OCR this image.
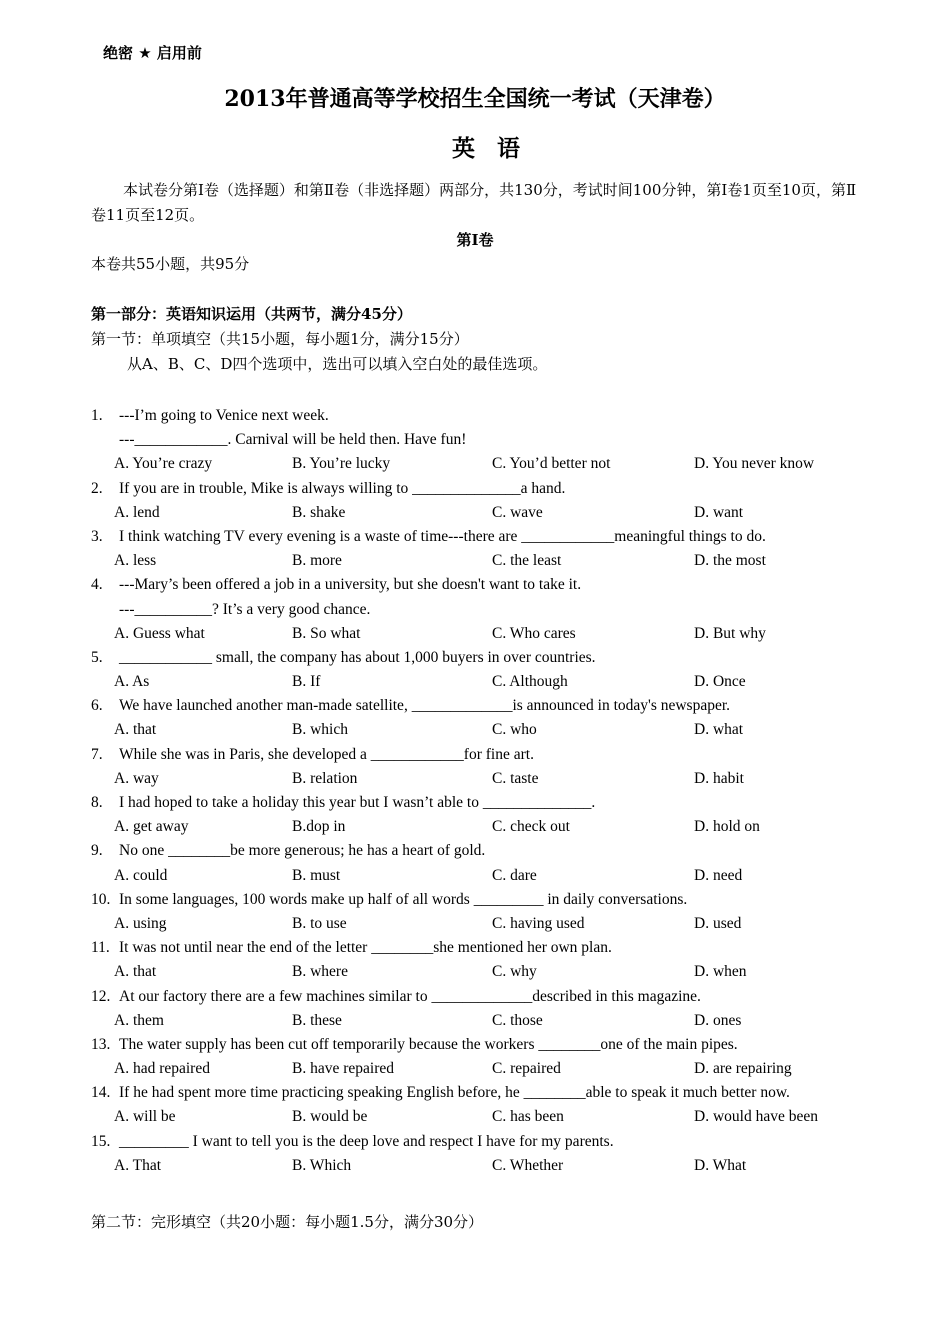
绝密 ★ 启用前
2013年普通高等学校招生全国统一考试（天津卷）
英语
本试卷分第Ⅰ卷（选择题）和第Ⅱ卷（非选择题）两部分，共130分，考试时间100分钟，第Ⅰ卷1页至10页，第Ⅱ卷11页至12页。
第Ⅰ卷
本卷共55小题，共95分
第一部分：英语知识运用（共两节，满分45分）
第一节：单项填空（共15小题，每小题1分，满分15分）
从A、B、C、D四个选项中，选出可以填入空白处的最佳选项。
1. ---I’m going to Venice next week.
---____________. Carnival will be held then. Have fun!
A. You’re crazy	B. You’re lucky	C. You’d better not	D. You never know
2. If you are in trouble, Mike is always willing to ______________a hand.
A. lend	B. shake	C. wave	D. want
3. I think watching TV every evening is a waste of time---there are ____________meaningful things to do.
A. less	B. more	C. the least	D. the most
4. ---Mary’s been offered a job in a university, but she doesn't want to take it.
---__________? It’s a very good chance.
A. Guess what	B. So what	C. Who cares	D. But why
5. ____________ small, the company has about 1,000 buyers in over countries.
A. As	B. If	C. Although	D. Once
6. We have launched another man-made satellite, _____________is announced in today's newspaper.
A. that	B. which	C. who	D. what
7. While she was in Paris, she developed a ____________for fine art.
A. way	B. relation	C. taste	D. habit
8. I had hoped to take a holiday this year but I wasn’t able to ______________.
A. get away	B.dop in	C. check out	D. hold on
9. No one ________be more generous; he has a heart of gold.
A. could	B. must	C. dare	D. need
10. In some languages, 100 words make up half of all words _________ in daily conversations.
A. using	B. to use	C. having used	D. used
11. It was not until near the end of the letter ________she mentioned her own plan.
A. that	B. where	C. why	D. when
12. At our factory there are a few machines similar to _____________described in this magazine.
A. them	B. these	C. those	D. ones
13. The water supply has been cut off temporarily because the workers ________one of the main pipes.
A. had repaired	B. have repaired	C. repaired	D. are repairing
14. If he had spent more time practicing speaking English before, he ________able to speak it much better now.
A. will be	B. would be	C. has been	D. would have been
15. _________ I want to tell you is the deep love and respect I have for my parents.
A. That	B. Which	C. Whether	D. What
第二节：完形填空（共20小题：每小题1.5分，满分30分）
